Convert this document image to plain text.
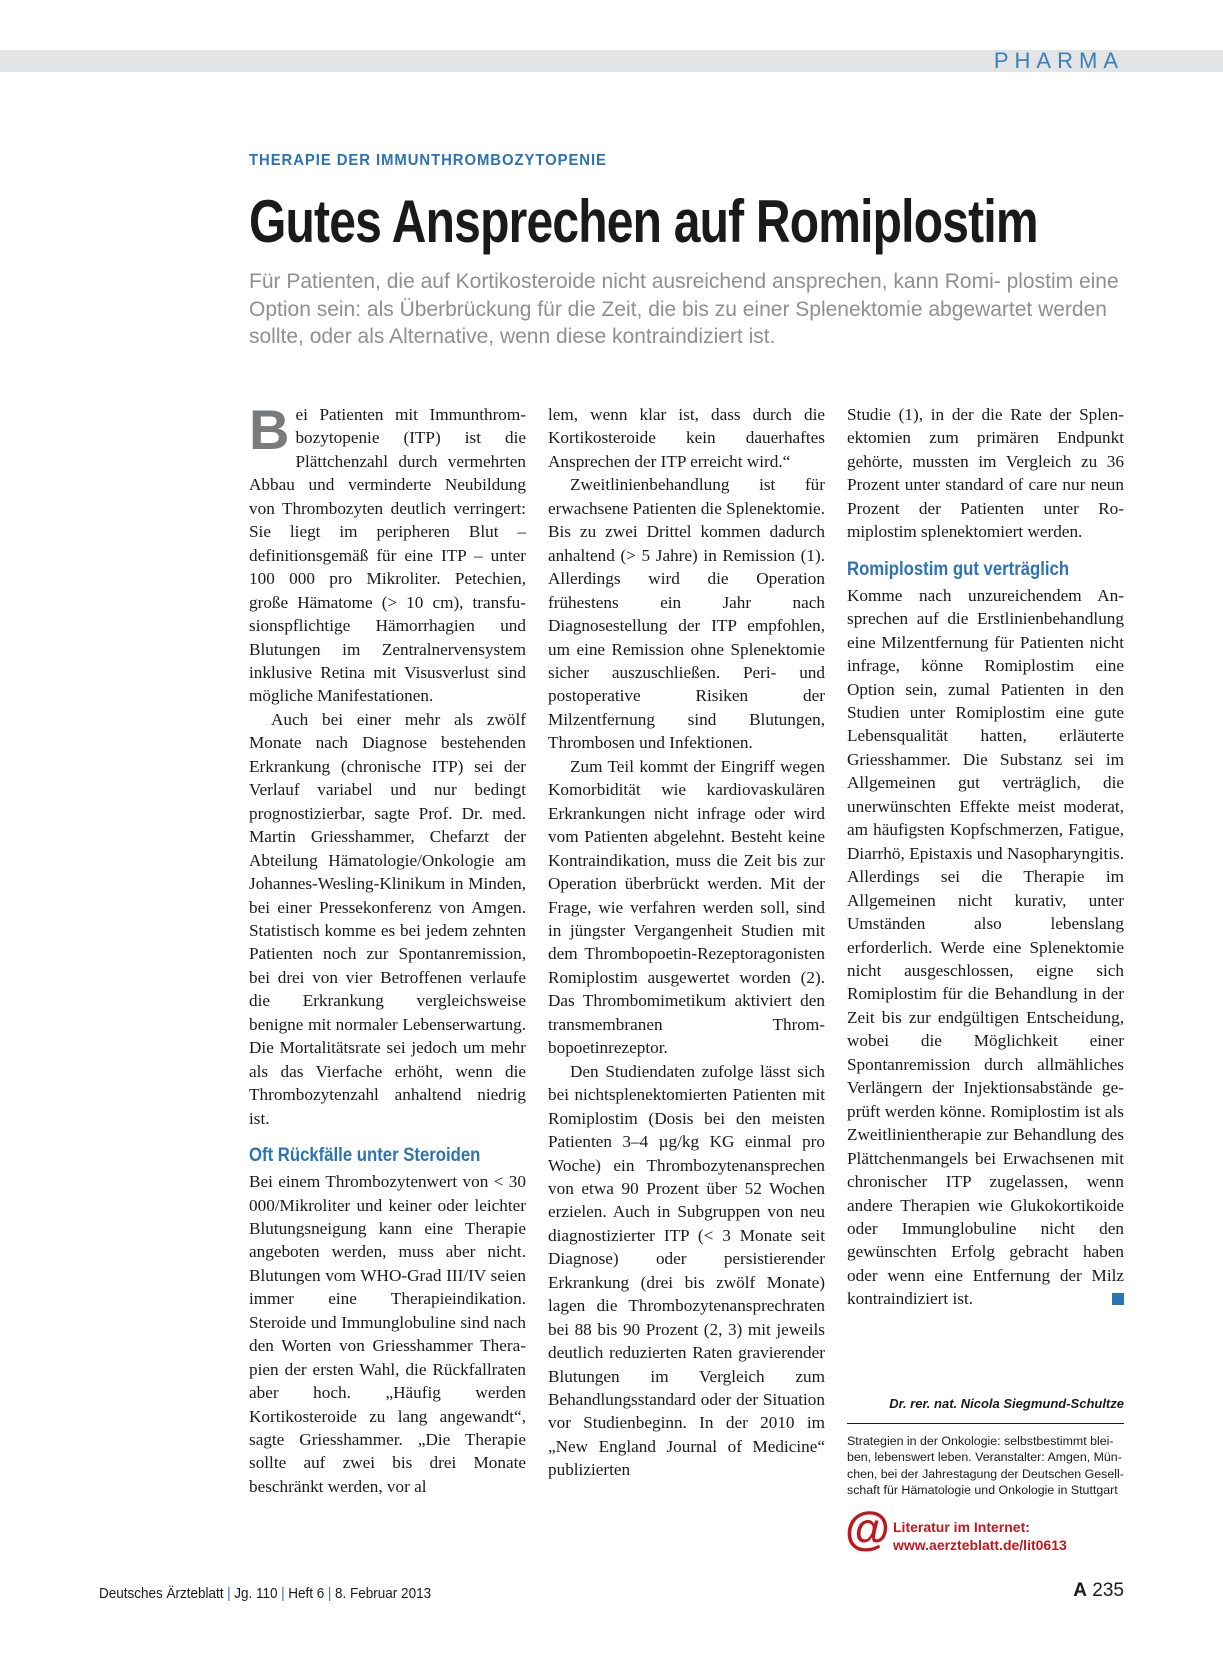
PHARMA
THERAPIE DER IMMUNTHROMBOZYTOPENIE
Gutes Ansprechen auf Romiplostim
Für Patienten, die auf Kortikosteroide nicht ausreichend ansprechen, kann Romi- plostim eine Option sein: als Überbrückung für die Zeit, die bis zu einer Splenektomie abgewartet werden sollte, oder als Alternative, wenn diese kontraindiziert ist.
B ei Patienten mit Immunthrombozytopenie (ITP) ist die Plättchenzahl durch vermehrten Abbau und verminderte Neubildung von Thrombozyten deutlich verringert: Sie liegt im peripheren Blut – definitionsgemäß für eine ITP – unter 100 000 pro Mikroliter. Petechien, große Hämatome (> 10 cm), transfusionspflichtige Hämorrhagien und Blutungen im Zentralnervensystem inklusive Retina mit Visusverlust sind mögliche Manifestationen.

Auch bei einer mehr als zwölf Monate nach Diagnose bestehenden Erkrankung (chronische ITP) sei der Verlauf variabel und nur bedingt prognostizierbar, sagte Prof. Dr. med. Martin Griesshammer, Chefarzt der Abteilung Hämatologie/Onkologie am Johannes-Wesling-Klinikum in Minden, bei einer Pressekonferenz von Amgen. Statistisch komme es bei jedem zehnten Patienten noch zur Spontanremission, bei drei von vier Betroffenen verlaufe die Erkrankung vergleichsweise benigne mit normaler Lebenserwartung. Die Mortalitätsrate sei jedoch um mehr als das Vierfache erhöht, wenn die Thrombozytenzahl anhaltend niedrig ist.

Oft Rückfälle unter Steroiden

Bei einem Thrombozytenwert von < 30 000/Mikroliter und keiner oder leichter Blutungsneigung kann eine Therapie angeboten werden, muss aber nicht. Blutungen vom WHO-Grad III/IV seien immer eine Therapieindikation. Steroide und Immunglobuline sind nach den Worten von Griesshammer Therapien der ersten Wahl, die Rückfallraten aber hoch. „Häufig werden Kortikosteroide zu lang angewandt“, sagte Griesshammer. „Die Therapie sollte auf zwei bis drei Monate beschränkt werden, vor al

lem, wenn klar ist, dass durch die Kortikosteroide kein dauerhaftes Ansprechen der ITP erreicht wird.“

Zweitlinienbehandlung ist für erwachsene Patienten die Splenektomie. Bis zu zwei Drittel kommen dadurch anhaltend (> 5 Jahre) in Remission (1). Allerdings wird die Operation frühestens ein Jahr nach Diagnosestellung der ITP empfohlen, um eine Remission ohne Splenektomie sicher auszuschließen. Peri- und postoperative Risiken der Milzentfernung sind Blutungen, Thrombosen und Infektionen.

Zum Teil kommt der Eingriff wegen Komorbidität wie kardiovaskulären Erkrankungen nicht infrage oder wird vom Patienten abgelehnt. Besteht keine Kontraindikation, muss die Zeit bis zur Operation überbrückt werden. Mit der Frage, wie verfahren werden soll, sind in jüngster Vergangenheit Studien mit dem Thrombopoetin-Rezeptoragonisten Romiplostim ausgewertet worden (2). Das Thrombomimetikum aktiviert den transmembranen Thrombopoetinrezeptor.

Den Studiendaten zufolge lässt sich bei nichtsplenektomierten Patienten mit Romiplostim (Dosis bei den meisten Patienten 3–4 µg/kg KG einmal pro Woche) ein Thrombozytenansprechen von etwa 90 Prozent über 52 Wochen erzielen. Auch in Subgruppen von neu diagnostizierter ITP (< 3 Monate seit Diagnose) oder persistierender Erkrankung (drei bis zwölf Monate) lagen die Thrombozytenansprechraten bei 88 bis 90 Prozent (2, 3) mit jeweils deutlich reduzierten Raten gravierender Blutungen im Vergleich zum Behandlungsstandard oder der Situation vor Studienbeginn. In der 2010 im „New England Journal of Medicine“ publizierten

Studie (1), in der die Rate der Splenektomien zum primären Endpunkt gehörte, mussten im Vergleich zu 36 Prozent unter standard of care nur neun Prozent der Patienten unter Romiplostim splenektomiert werden.

Romiplostim gut verträglich

Komme nach unzureichendem Ansprechen auf die Erstlinienbehandlung eine Milzentfernung für Patienten nicht infrage, könne Romiplostim eine Option sein, zumal Patienten in den Studien unter Romiplostim eine gute Lebensqualität hatten, erläuterte Griesshammer. Die Substanz sei im Allgemeinen gut verträglich, die unerwünschten Effekte meist moderat, am häufigsten Kopfschmerzen, Fatigue, Diarrhö, Epistaxis und Nasopharyngitis. Allerdings sei die Therapie im Allgemeinen nicht kurativ, unter Umständen also lebenslang erforderlich. Werde eine Splenektomie nicht ausgeschlossen, eigne sich Romiplostim für die Behandlung in der Zeit bis zur endgültigen Entscheidung, wobei die Möglichkeit einer Spontanremission durch allmähliches Verlängern der Injektionsabstände geprüft werden könne. Romiplostim ist als Zweitlinientherapie zur Behandlung des Plättchenmangels bei Erwachsenen mit chronischer ITP zugelassen, wenn andere Therapien wie Glukokortikoide oder Immunglobuline nicht den gewünschten Erfolg gebracht haben oder wenn eine Entfernung der Milz kontraindiziert ist.

Dr. rer. nat. Nicola Siegmund-Schultze
Strategien in der Onkologie: selbstbestimmt bleiben, lebenswert leben. Veranstalter: Amgen, München, bei der Jahrestagung der Deutschen Gesellschaft für Hämatologie und Onkologie in Stuttgart
@ Literatur im Internet:
www.aerzteblatt.de/lit0613
Deutsches Ärzteblatt | Jg. 110 | Heft 6 | 8. Februar 2013	A 235
